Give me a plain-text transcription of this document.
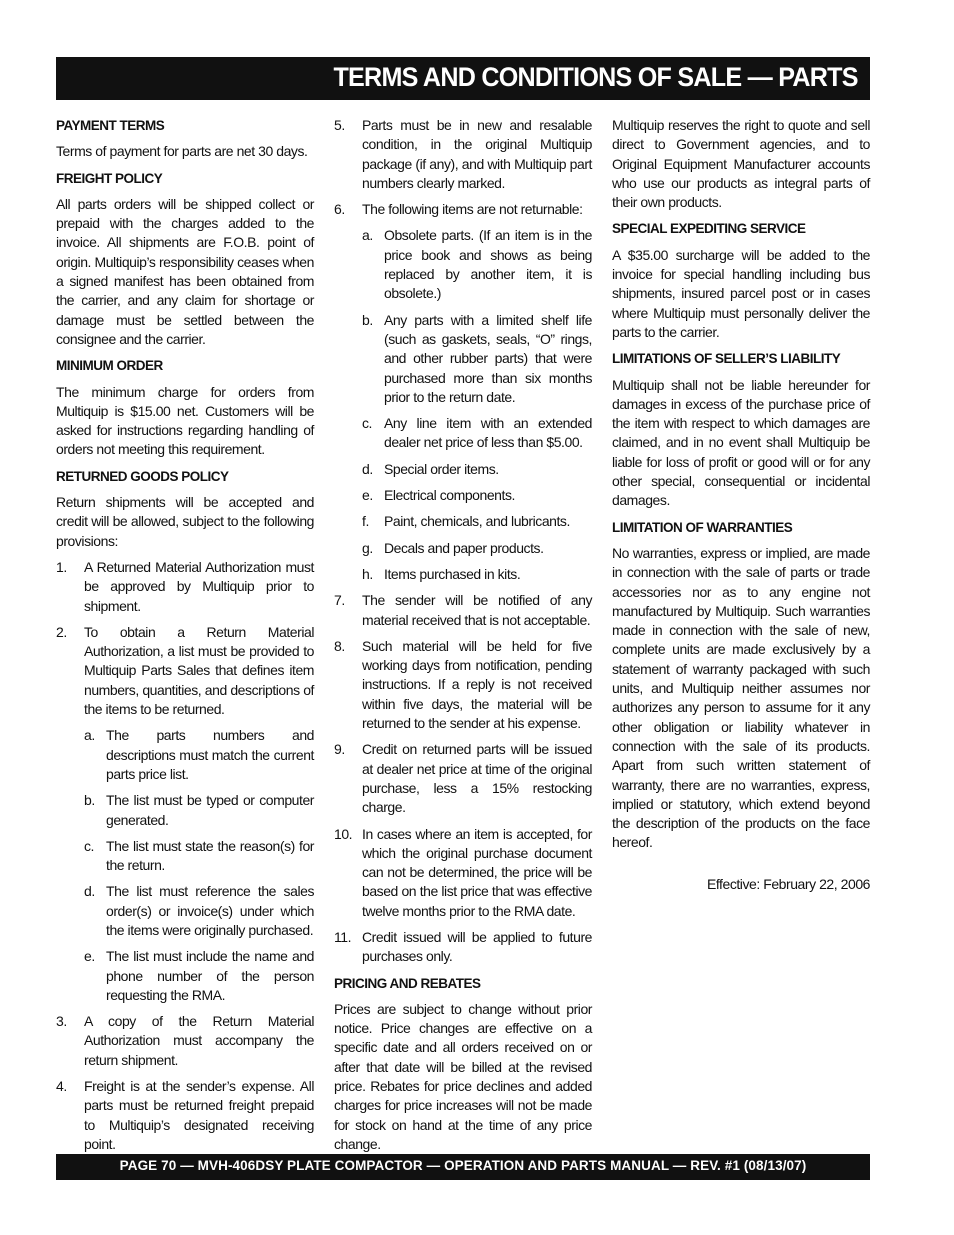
TERMS AND CONDITIONS OF SALE — PARTS
PAYMENT TERMS
Terms of payment for parts are net 30 days.
FREIGHT POLICY
All parts orders will be shipped collect or prepaid with the charges added to the invoice. All shipments are F.O.B. point of origin. Multiquip’s responsibility ceases when a signed manifest has been obtained from the carrier, and any claim for shortage or damage must be settled between the consignee and the carrier.
MINIMUM ORDER
The minimum charge for orders from Multiquip is $15.00 net. Customers will be asked for instructions regarding handling of orders not meeting this requirement.
RETURNED GOODS POLICY
Return shipments will be accepted and credit will be allowed, subject to the following provisions:
1.	A Returned Material Authorization must be approved by Multiquip prior to shipment.
2.	To obtain a Return Material Authorization, a list must be provided to Multiquip Parts Sales that defines item numbers, quantities, and descriptions of the items to be returned.
a. The parts numbers and descriptions must match the current parts price list.
b. The list must be typed or computer generated.
c. The list must state the reason(s) for the return.
d. The list must reference the sales order(s) or invoice(s) under which the items were originally purchased.
e. The list must include the name and phone number of the person requesting the RMA.
3.	A copy of the Return Material Authorization must accompany the return shipment.
4.	Freight is at the sender’s expense. All parts must be returned freight prepaid to Multiquip’s designated receiving point.
5.	Parts must be in new and resalable condition, in the original Multiquip package (if any), and with Multiquip part numbers clearly marked.
6.	The following items are not returnable:
a. Obsolete parts. (If an item is in the price book and shows as being replaced by another item, it is obsolete.)
b. Any parts with a limited shelf life (such as gaskets, seals, “O” rings, and other rubber parts) that were purchased more than six months prior to the return date.
c. Any line item with an extended dealer net price of less than $5.00.
d. Special order items.
e. Electrical components.
f.	Paint, chemicals, and lubricants.
g. Decals and paper products.
h. Items purchased in kits.
7.	The sender will be notified of any material received that is not acceptable.
8.	Such material will be held for five working days from notification, pending instructions. If a reply is not received within five days, the material will be returned to the sender at his expense.
9.	Credit on returned parts will be issued at dealer net price at time of the original purchase, less a 15% restocking charge.
10. In cases where an item is accepted, for which the original purchase document can not be determined, the price will be based on the list price that was effective twelve months prior to the RMA date.
11. Credit issued will be applied to future purchases only.
PRICING AND REBATES
Prices are subject to change without prior notice. Price changes are effective on a specific date and all orders received on or after that date will be billed at the revised price. Rebates for price declines and added charges for price increases will not be made for stock on hand at the time of any price change.
Multiquip reserves the right to quote and sell direct to Government agencies, and to Original Equipment Manufacturer accounts who use our products as integral parts of their own products.
SPECIAL EXPEDITING SERVICE
A $35.00 surcharge will be added to the invoice for special handling including bus shipments, insured parcel post or in cases where Multiquip must personally deliver the parts to the carrier.
LIMITATIONS OF SELLER’S LIABILITY
Multiquip shall not be liable hereunder for damages in excess of the purchase price of the item with respect to which damages are claimed, and in no event shall Multiquip be liable for loss of profit or good will or for any other special, consequential or incidental damages.
LIMITATION OF WARRANTIES
No warranties, express or implied, are made in connection with the sale of parts or trade accessories nor as to any engine not manufactured by Multiquip. Such warranties made in connection with the sale of new, complete units are made exclusively by a statement of warranty packaged with such units, and Multiquip neither assumes nor authorizes any person to assume for it any other obligation or liability whatever in connection with the sale of its products. Apart from such written statement of warranty, there are no warranties, express, implied or statutory, which extend beyond the description of the products on the face hereof.
Effective: February 22, 2006
PAGE 70 — MVH-406DSY PLATE COMPACTOR — OPERATION AND PARTS MANUAL — REV. #1 (08/13/07)
